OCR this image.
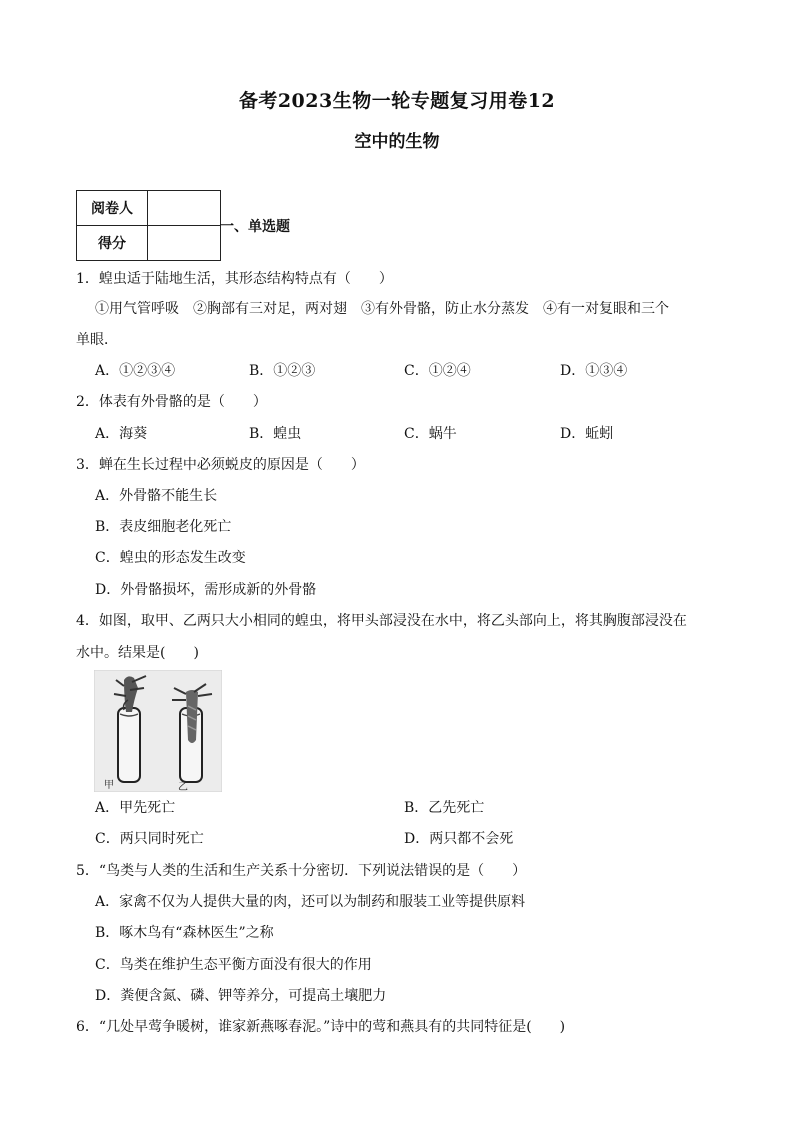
备考2023生物一轮专题复习用卷12
空中的生物
阅卷人	
得分	
一、单选题
1．蝗虫适于陆地生活，其形态结构特点有（　　）
①用气管呼吸　②胸部有三对足，两对翅　③有外骨骼，防止水分蒸发　④有一对复眼和三个
单眼．
A．①②③④	B．①②③	C．①②④	D．①③④
2．体表有外骨骼的是（　　）
A．海葵	B．蝗虫	C．蜗牛	D．蚯蚓
3．蝉在生长过程中必须蜕皮的原因是（　　）
A．外骨骼不能生长
B．表皮细胞老化死亡
C．蝗虫的形态发生改变
D．外骨骼损坏，需形成新的外骨骼
4．如图，取甲、乙两只大小相同的蝗虫，将甲头部浸没在水中，将乙头部向上，将其胸腹部浸没在
水中。结果是(　　)
甲	乙
A．甲先死亡	B．乙先死亡
C．两只同时死亡	D．两只都不会死
5．“鸟类与人类的生活和生产关系十分密切．下列说法错误的是（　　）
A．家禽不仅为人提供大量的肉，还可以为制药和服装工业等提供原料
B．啄木鸟有“森林医生”之称
C．鸟类在维护生态平衡方面没有很大的作用
D．粪便含氮、磷、钾等养分，可提高土壤肥力
6．“几处早莺争暖树，谁家新燕啄春泥。”诗中的莺和燕具有的共同特征是(　　)
